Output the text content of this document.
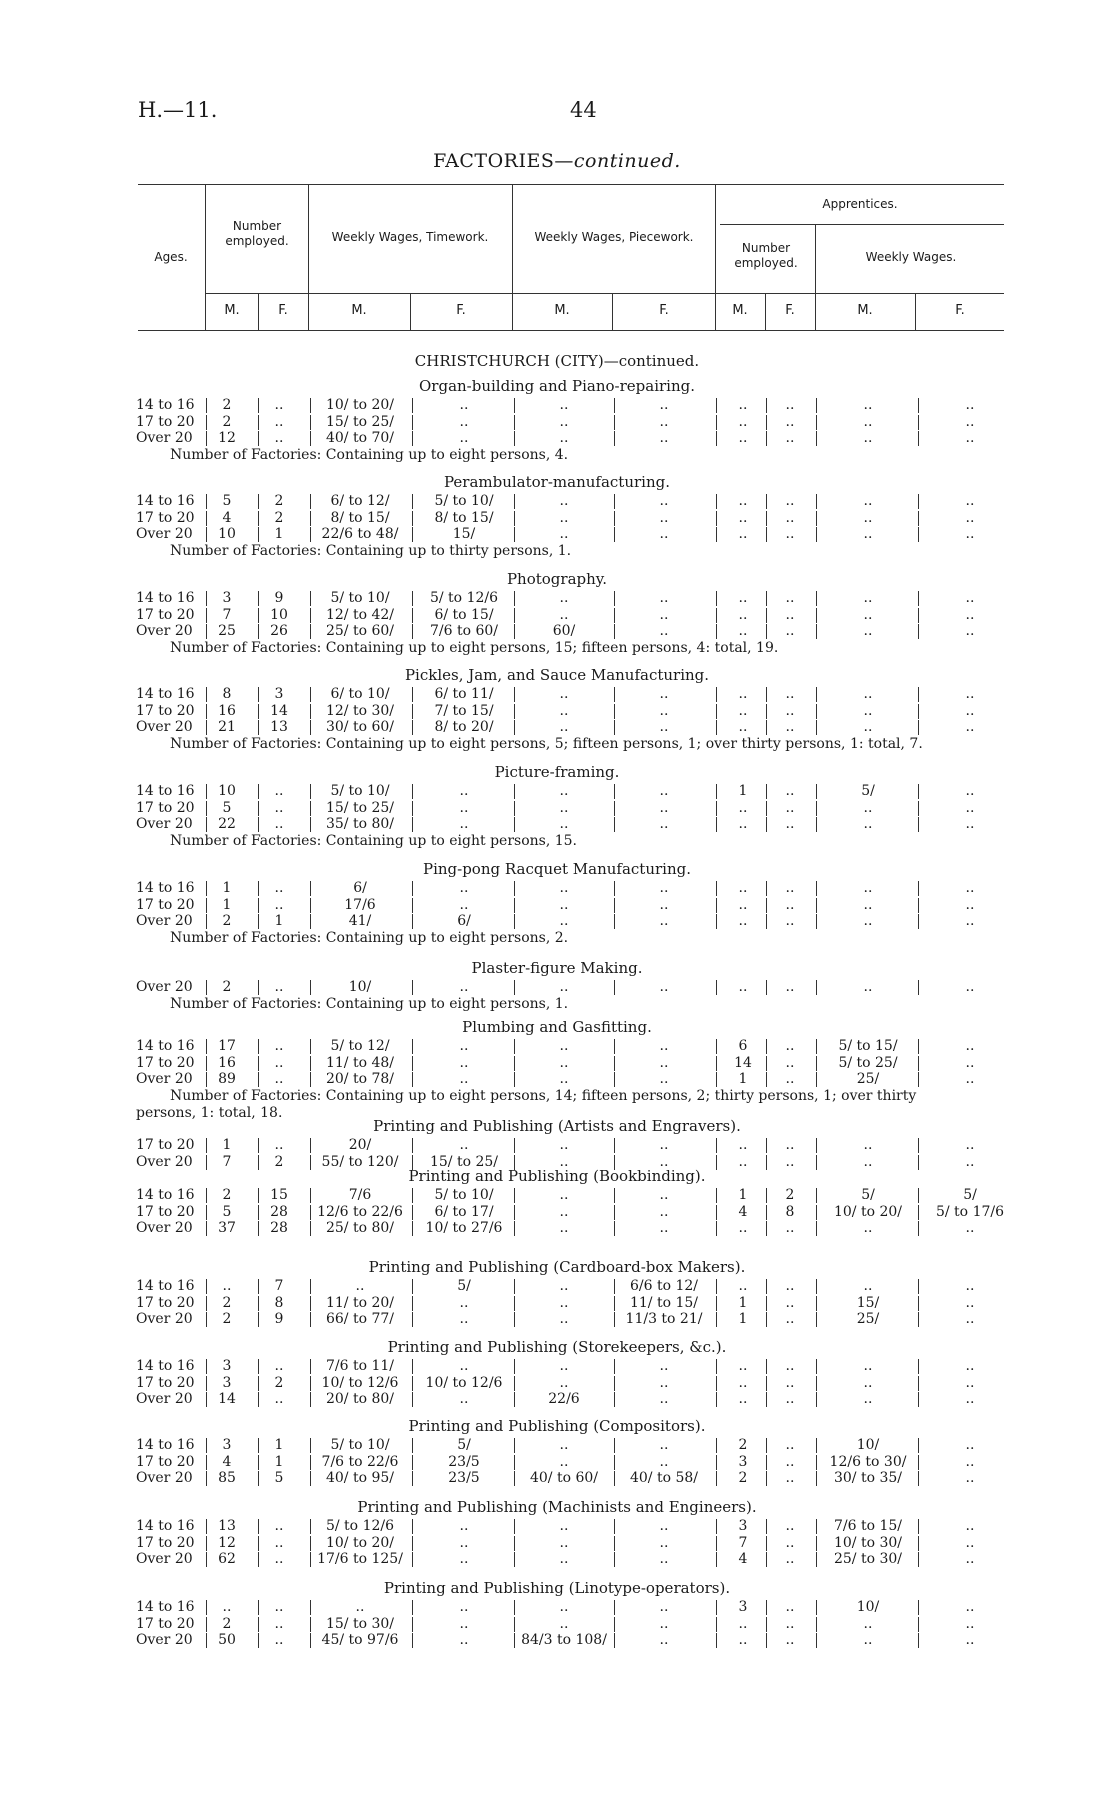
H.—11.	44
FACTORIES—continued.
Ages.
Number employed.	Weekly Wages, Timework.	Weekly Wages, Piecework.
Apprentices.
Number employed.	Weekly Wages.
M.	F.	M.	F.	M.	F.	M.	F.	M.	F.
CHRISTCHURCH (CITY)—continued.
Organ-building and Piano-repairing.
14 to 16	2	..	10/ to 20/	..	..	..	..	..	..	..
17 to 20	2	..	15/ to 25/	..	..	..	..	..	..	..
Over 20	12	..	40/ to 70/	..	..	..	..	..	..	..
Number of Factories: Containing up to eight persons, 4.
Perambulator-manufacturing.
14 to 16	5	2	6/ to 12/	5/ to 10/	..	..	..	..	..	..
17 to 20	4	2	8/ to 15/	8/ to 15/	..	..	..	..	..	..
Over 20	10	1	22/6 to 48/	15/	..	..	..	..	..	..
Number of Factories: Containing up to thirty persons, 1.
Photography.
14 to 16	3	9	5/ to 10/	5/ to 12/6	..	..	..	..	..	..
17 to 20	7	10	12/ to 42/	6/ to 15/	..	..	..	..	..	..
Over 20	25	26	25/ to 60/	7/6 to 60/	60/	..	..	..	..	..
Number of Factories: Containing up to eight persons, 15; fifteen persons, 4: total, 19.
Pickles, Jam, and Sauce Manufacturing.
14 to 16	8	3	6/ to 10/	6/ to 11/	..	..	..	..	..	..
17 to 20	16	14	12/ to 30/	7/ to 15/	..	..	..	..	..	..
Over 20	21	13	30/ to 60/	8/ to 20/	..	..	..	..	..	..
Number of Factories: Containing up to eight persons, 5; fifteen persons, 1; over thirty persons, 1: total, 7.
Picture-framing.
14 to 16	10	..	5/ to 10/	..	..	..	1	..	5/	..
17 to 20	5	..	15/ to 25/	..	..	..	..	..	..	..
Over 20	22	..	35/ to 80/	..	..	..	..	..	..	..
Number of Factories: Containing up to eight persons, 15.
Ping-pong Racquet Manufacturing.
14 to 16	1	..	6/	..	..	..	..	..	..	..
17 to 20	1	..	17/6	..	..	..	..	..	..	..
Over 20	2	1	41/	6/	..	..	..	..	..	..
Number of Factories: Containing up to eight persons, 2.
Plaster-figure Making.
Over 20	2	..	10/	..	..	..	..	..	..	..
Number of Factories: Containing up to eight persons, 1.
Plumbing and Gasfitting.
14 to 16	17	..	5/ to 12/	..	..	..	6	..	5/ to 15/	..
17 to 20	16	..	11/ to 48/	..	..	..	14	..	5/ to 25/	..
Over 20	89	..	20/ to 78/	..	..	..	1	..	25/	..
Number of Factories: Containing up to eight persons, 14; fifteen persons, 2; thirty persons, 1; over thirty
persons, 1: total, 18.
Printing and Publishing (Artists and Engravers).
17 to 20	1	..	20/	..	..	..	..	..	..	..
Over 20	7	2	55/ to 120/	15/ to 25/	..	..	..	..	..	..
Printing and Publishing (Bookbinding).
14 to 16	2	15	7/6	5/ to 10/	..	..	1	2	5/	5/
17 to 20	5	28	12/6 to 22/6	6/ to 17/	..	..	4	8	10/ to 20/	5/ to 17/6
Over 20	37	28	25/ to 80/	10/ to 27/6	..	..	..	..	..	..
Printing and Publishing (Cardboard-box Makers).
14 to 16	..	7	..	5/	..	6/6 to 12/	..	..	..	..
17 to 20	2	8	11/ to 20/	..	..	11/ to 15/	1	..	15/	..
Over 20	2	9	66/ to 77/	..	..	11/3 to 21/	1	..	25/	..
Printing and Publishing (Storekeepers, &c.).
14 to 16	3	..	7/6 to 11/	..	..	..	..	..	..	..
17 to 20	3	2	10/ to 12/6	10/ to 12/6	..	..	..	..	..	..
Over 20	14	..	20/ to 80/	..	22/6	..	..	..	..	..
Printing and Publishing (Compositors).
14 to 16	3	1	5/ to 10/	5/	..	..	2	..	10/	..
17 to 20	4	1	7/6 to 22/6	23/5	..	..	3	..	12/6 to 30/	..
Over 20	85	5	40/ to 95/	23/5	40/ to 60/	40/ to 58/	2	..	30/ to 35/	..
Printing and Publishing (Machinists and Engineers).
14 to 16	13	..	5/ to 12/6	..	..	..	3	..	7/6 to 15/	..
17 to 20	12	..	10/ to 20/	..	..	..	7	..	10/ to 30/	..
Over 20	62	..	17/6 to 125/	..	..	..	4	..	25/ to 30/	..
Printing and Publishing (Linotype-operators).
14 to 16	..	..	..	..	..	..	3	..	10/	..
17 to 20	2	..	15/ to 30/	..	..	..	..	..	..	..
Over 20	50	..	45/ to 97/6	..	84/3 to 108/	..	..	..	..	..
